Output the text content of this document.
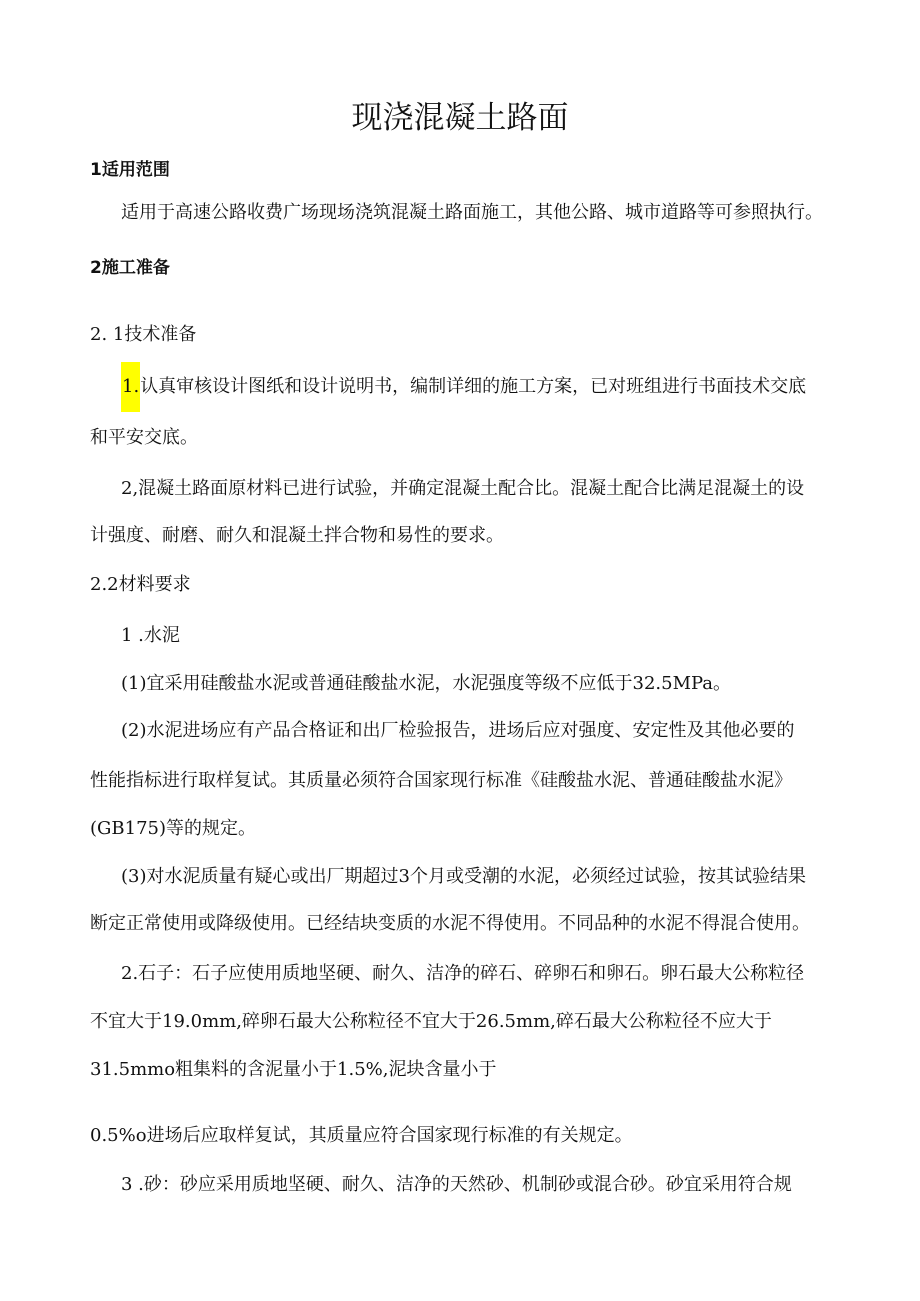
现浇混凝土路面
1适用范围
适用于高速公路收费广场现场浇筑混凝土路面施工，其他公路、城市道路等可参照执行。
2施工准备
2. 1技术准备
1.认真审核设计图纸和设计说明书，编制详细的施工方案，已对班组进行书面技术交底
和平安交底。
2,混凝土路面原材料已进行试验，并确定混凝土配合比。混凝土配合比满足混凝土的设
计强度、耐磨、耐久和混凝土拌合物和易性的要求。
2.2材料要求
1 .水泥
(1)宜采用硅酸盐水泥或普通硅酸盐水泥，水泥强度等级不应低于32.5MPa。
(2)水泥进场应有产品合格证和出厂检验报告，进场后应对强度、安定性及其他必要的
性能指标进行取样复试。其质量必须符合国家现行标准《硅酸盐水泥、普通硅酸盐水泥》
(GB175)等的规定。
(3)对水泥质量有疑心或出厂期超过3个月或受潮的水泥，必须经过试验，按其试验结果
断定正常使用或降级使用。已经结块变质的水泥不得使用。不同品种的水泥不得混合使用。
2.石子：石子应使用质地坚硬、耐久、洁净的碎石、碎卵石和卵石。卵石最大公称粒径
不宜大于19.0mm,碎卵石最大公称粒径不宜大于26.5mm,碎石最大公称粒径不应大于
31.5mmo粗集料的含泥量小于1.5%,泥块含量小于
0.5%o进场后应取样复试，其质量应符合国家现行标准的有关规定。
3 .砂：砂应采用质地坚硬、耐久、洁净的天然砂、机制砂或混合砂。砂宜采用符合规
